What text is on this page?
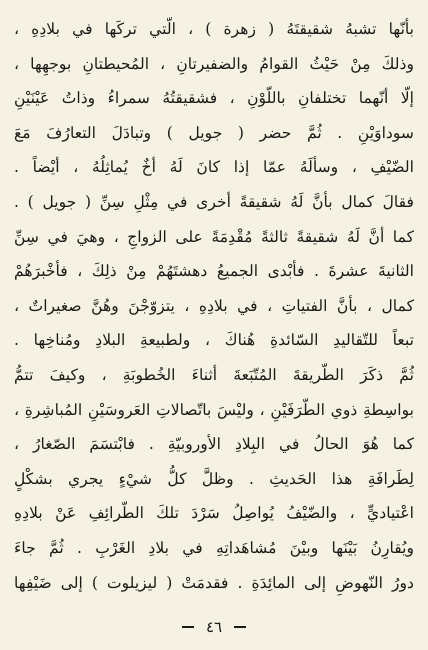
بأنّها تشبهُ شقيقتَهُ ( زهرة ) ، الّتي تركَها في بلادِهِ ،
وذلكَ مِنْ حَيْثُ القوامُ والضفيرتانِ ، المُحيطتانِ بوجهِها ،
إلّا أنّهما تختلفانِ باللّوْنِ ، فشقيقتُهُ سمراءُ وذاتُ عَيْنَيْنِ
سوداوَيْنِ . ثُمَّ حضر ( جويل ) وتبادَلَ التعارُفَ مَعَ
الضّيْفِ ، وسألَهُ عمّا إذا كانَ لَهُ أخٌ يُماثِلُهُ ، أيْضاً .
فقالَ كمال بأنَّ لَهُ شقيقةً أخرى في مِثْلِ سِنِّ ( جويل ) .
كما أنَّ لَهُ شقيقةً ثالثةً مُقْدِمَةً على الزواجِ ، وهيَ في سِنِّ
الثانيةَ عشرةَ . فأبْدى الجميعُ دهشتَهُمْ مِنْ ذلِكَ ، فأخْبرَهُمْ
كمال ، بأنَّ الفتياتِ ، في بلادِهِ ، يتزوّجْنَ وهُنَّ صغيراتٌ ،
تبعاً للتّقاليدِ السّائدةِ هُناكَ ، ولطبيعةِ البلادِ ومُناخِها .
ثُمَّ ذكَرَ الطّريقةَ المُتّبَعةَ أثناءَ الخُطوبَةِ ، وكيفَ تتمُّ
بواسِطةِ ذوي الطّرَفَيْنِ ، وليْسَ باتّصالاتِ العَروسَيْنِ المُباشِرةِ ،
كما هُوَ الحالُ في البِلادِ الأوروبيّةِ . فابْتسَمَ الصّغارُ ،
لِطَرافَةِ هذا الحَديثِ . وظلَّ كلُّ شيْءٍ يجري بشكْلٍ
اعْتياديٍّ ، والضّيْفُ يُواصِلُ سَرْدَ تلكَ الطّرائِفِ عَنْ بلادِهِ
ويُقارِنُ بَيْنَها وبيْنَ مُشاهَداتِهِ في بلادِ الغَرْبِ . ثُمَّ جاءَ
دورُ النّهوضِ إلى المائِدَةِ . فقدمَتْ ( ليزيلوت ) إلى ضَيْفِها
٤٦
